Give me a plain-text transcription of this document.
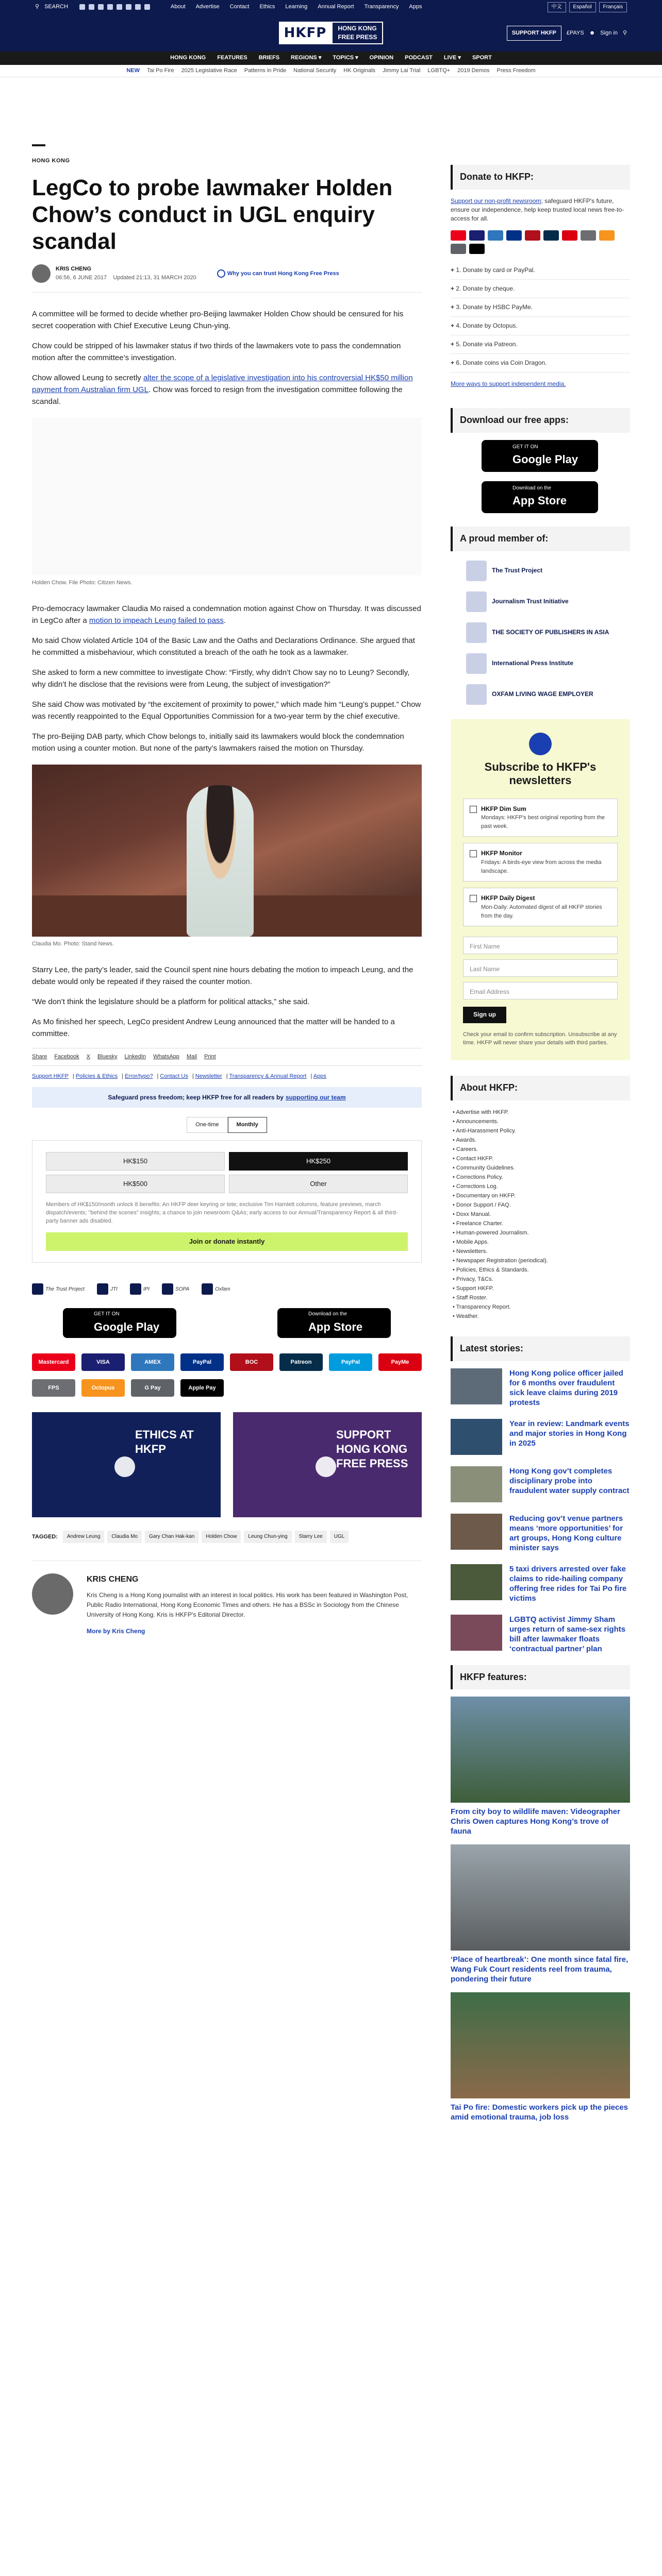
⚲ SEARCH	About Advertise Contact Ethics Learning Annual Report Transparency Apps	中文	Español	Français
HKFP	HONG KONG
FREE PRESS
SUPPORT HKFP	£PAYS ☻ Sign in ⚲
HONG KONG FEATURES BRIEFS REGIONS ▾ TOPICS ▾ OPINION PODCAST LIVE ▾ SPORT
NEW Tai Po Fire 2025 Legislative Race Patterns in Pride National Security HK Originals Jimmy Lai Trial LGBTQ+ 2019 Demos Press Freedom
HONG KONG
LegCo to probe lawmaker Holden Chow’s conduct in UGL enquiry scandal
KRIS CHENG
06:56, 6 JUNE 2017 Updated 21:13, 31 MARCH 2020
Why you can trust Hong Kong Free Press

A committee will be formed to decide whether pro-Beijing lawmaker Holden Chow should be censured for his secret cooperation with Chief Executive Leung Chun-ying.

Chow could be stripped of his lawmaker status if two thirds of the lawmakers vote to pass the condemnation motion after the committee’s investigation.

Chow allowed Leung to secretly alter the scope of a legislative investigation into his controversial HK$50 million payment from Australian firm UGL. Chow was forced to resign from the investigation committee following the scandal.

Holden Chow. File Photo: Citizen News.

Pro-democracy lawmaker Claudia Mo raised a condemnation motion against Chow on Thursday. It was discussed in LegCo after a motion to impeach Leung failed to pass.

Mo said Chow violated Article 104 of the Basic Law and the Oaths and Declarations Ordinance. She argued that he committed a misbehaviour, which constituted a breach of the oath he took as a lawmaker.

She asked to form a new committee to investigate Chow: “Firstly, why didn’t Chow say no to Leung? Secondly, why didn’t he disclose that the revisions were from Leung, the subject of investigation?”

She said Chow was motivated by “the excitement of proximity to power,” which made him “Leung’s puppet.” Chow was recently reappointed to the Equal Opportunities Commission for a two-year term by the chief executive.

The pro-Beijing DAB party, which Chow belongs to, initially said its lawmakers would block the condemnation motion using a counter motion. But none of the party’s lawmakers raised the motion on Thursday.

Claudia Mo. Photo: Stand News.

Starry Lee, the party’s leader, said the Council spent nine hours debating the motion to impeach Leung, and the debate would only be repeated if they raised the counter motion.

“We don’t think the legislature should be a platform for political attacks,” she said.

As Mo finished her speech, LegCo president Andrew Leung announced that the matter will be handed to a committee.

Share Facebook X Bluesky LinkedIn WhatsApp Mail Print
Support HKFP | Policies & Ethics | Error/typo? | Contact Us | Newsletter | Transparency & Annual Report | Apps
Safeguard press freedom; keep HKFP free for all readers by supporting our team
One-time	Monthly
HK$150	HK$250
HK$500	Other

Members of HK$150/month unlock 8 benefits: An HKFP deer keyring or tote; exclusive Tim Hamlett columns, feature previews, march dispatch/events; "behind the scenes" insights; a chance to join newsroom Q&As; early access to our Annual/Transparency Report & all third-party banner ads disabled.

Join or donate instantly
The Trust Project	JTI	IPI	SOPA	Oxfam
GET IT ON
Google Play
Download on the
App Store
Mastercard	VISA	AMEX	PayPal	BOC	Patreon	PayPal	PayMe
FPS	Octopus	G Pay	Apple Pay
ETHICS AT HKFP
SUPPORT HONG KONG FREE PRESS
TAGGED:	Andrew Leung	Claudia Mo	Gary Chan Hak-kan	Holden Chow	Leung Chun-ying	Starry Lee	UGL
KRIS CHENG

Kris Cheng is a Hong Kong journalist with an interest in local politics. His work has been featured in Washington Post, Public Radio International, Hong Kong Economic Times and others. He has a BSSc in Sociology from the Chinese University of Hong Kong. Kris is HKFP’s Editorial Director.

More by Kris Cheng
Donate to HKFP:

Support our non-profit newsroom; safeguard HKFP's future, ensure our independence, help keep trusted local news free-to-access for all.

+ 1. Donate by card or PayPal.
+ 2. Donate by cheque.
+ 3. Donate by HSBC PayMe.
+ 4. Donate by Octopus.
+ 5. Donate via Patreon.
+ 6. Donate coins via Coin Dragon.

More ways to support independent media.

Download our free apps:
GET IT ON
Google Play
Download on the
App Store
A proud member of:
The Trust Project
Journalism Trust Initiative
THE SOCIETY OF PUBLISHERS IN ASIA
International Press Institute
OXFAM LIVING WAGE EMPLOYER
Subscribe to HKFP's newsletters
HKFP Dim Sum
Mondays: HKFP's best original reporting from the past week.
HKFP Monitor
Fridays: A birds-eye view from across the media landscape.
HKFP Daily Digest
Mon-Daily: Automated digest of all HKFP stories from the day.
First Name
Last Name
Email Address
Sign up

Check your email to confirm subscription. Unsubscribe at any time. HKFP will never share your details with third parties.

About HKFP:
• Advertise with HKFP.
• Announcements.
• Anti-Harassment Policy.
• Awards.
• Careers.
• Contact HKFP.
• Community Guidelines.
• Corrections Policy.
• Corrections Log.
• Documentary on HKFP.
• Donor Support / FAQ.
• Doxx Manual.
• Freelance Charter.
• Human-powered Journalism.
• Mobile Apps.
• Newsletters.
• Newspaper Registration (periodical).
• Policies, Ethics & Standards.
• Privacy, T&Cs.
• Support HKFP.
• Staff Roster.
• Transparency Report.
• Weather.
Latest stories:
Hong Kong police officer jailed for 6 months over fraudulent sick leave claims during 2019 protests
Year in review: Landmark events and major stories in Hong Kong in 2025
Hong Kong gov’t completes disciplinary probe into fraudulent water supply contract
Reducing gov’t venue partners means ‘more opportunities’ for art groups, Hong Kong culture minister says
5 taxi drivers arrested over fake claims to ride-hailing company offering free rides for Tai Po fire victims
LGBTQ activist Jimmy Sham urges return of same-sex rights bill after lawmaker floats ‘contractual partner’ plan
HKFP features:
From city boy to wildlife maven: Videographer Chris Owen captures Hong Kong’s trove of fauna
‘Place of heartbreak’: One month since fatal fire, Wang Fuk Court residents reel from trauma, pondering their future
Tai Po fire: Domestic workers pick up the pieces amid emotional trauma, job loss
